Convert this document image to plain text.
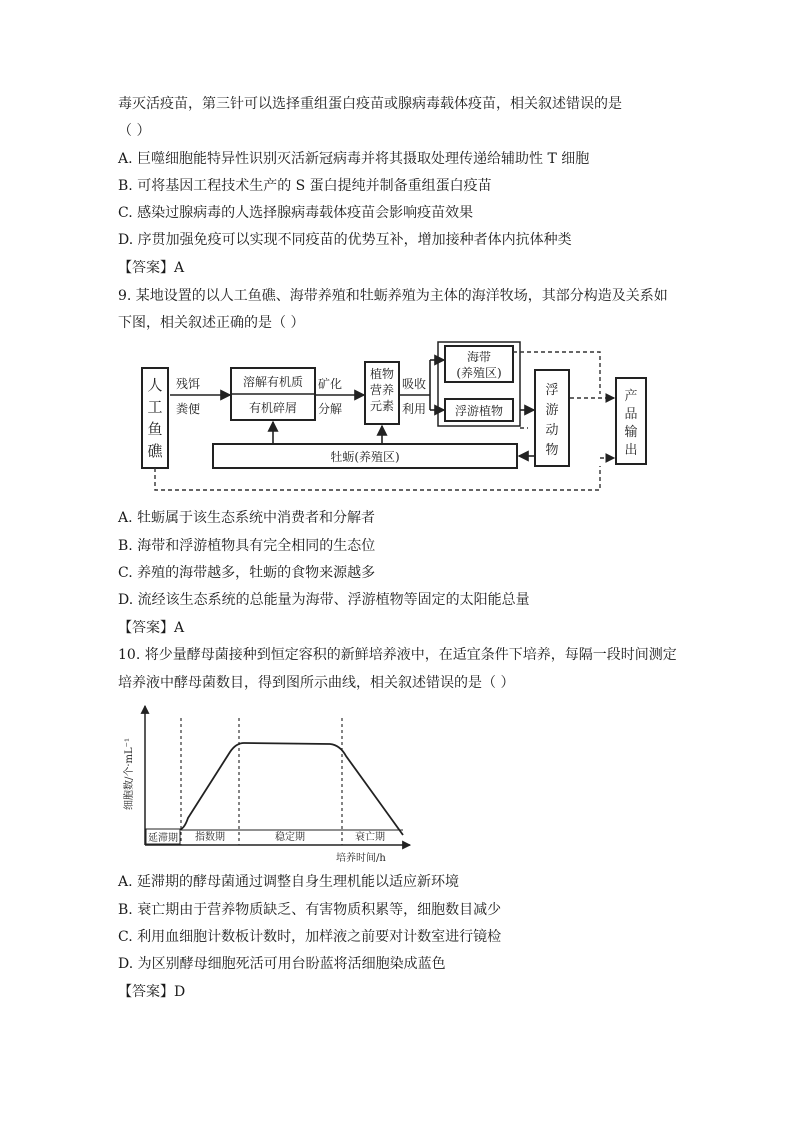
毒灭活疫苗，第三针可以选择重组蛋白疫苗或腺病毒载体疫苗，相关叙述错误的是
（ ）
A. 巨噬细胞能特异性识别灭活新冠病毒并将其摄取处理传递给辅助性 T 细胞
B. 可将基因工程技术生产的 S 蛋白提纯并制备重组蛋白疫苗
C. 感染过腺病毒的人选择腺病毒载体疫苗会影响疫苗效果
D. 序贯加强免疫可以实现不同疫苗的优势互补，增加接种者体内抗体种类
【答案】A
9. 某地设置的以人工鱼礁、海带养殖和牡蛎养殖为主体的海洋牧场，其部分构造及关系如
下图，相关叙述正确的是（ ）
人工鱼礁
残饵
粪便
溶解有机质
有机碎屑
矿化
分解
植物
营养
元素
吸收
利用
海带
(养殖区)
浮游植物
浮
游
动
物
产
品
输
出
牡蛎(养殖区)
·
A. 牡蛎属于该生态系统中消费者和分解者
B. 海带和浮游植物具有完全相同的生态位
C. 养殖的海带越多，牡蛎的食物来源越多
D. 流经该生态系统的总能量为海带、浮游植物等固定的太阳能总量
【答案】A
10. 将少量酵母菌接种到恒定容积的新鲜培养液中，在适宜条件下培养，每隔一段时间测定
培养液中酵母菌数目，得到图所示曲线，相关叙述错误的是（ ）
细胞数/个·mL⁻¹
培养时间/h
延滞期 指数期	稳定期	衰亡期
A. 延滞期的酵母菌通过调整自身生理机能以适应新环境
B. 衰亡期由于营养物质缺乏、有害物质积累等，细胞数目减少
C. 利用血细胞计数板计数时，加样液之前要对计数室进行镜检
D. 为区别酵母细胞死活可用台盼蓝将活细胞染成蓝色
【答案】D
